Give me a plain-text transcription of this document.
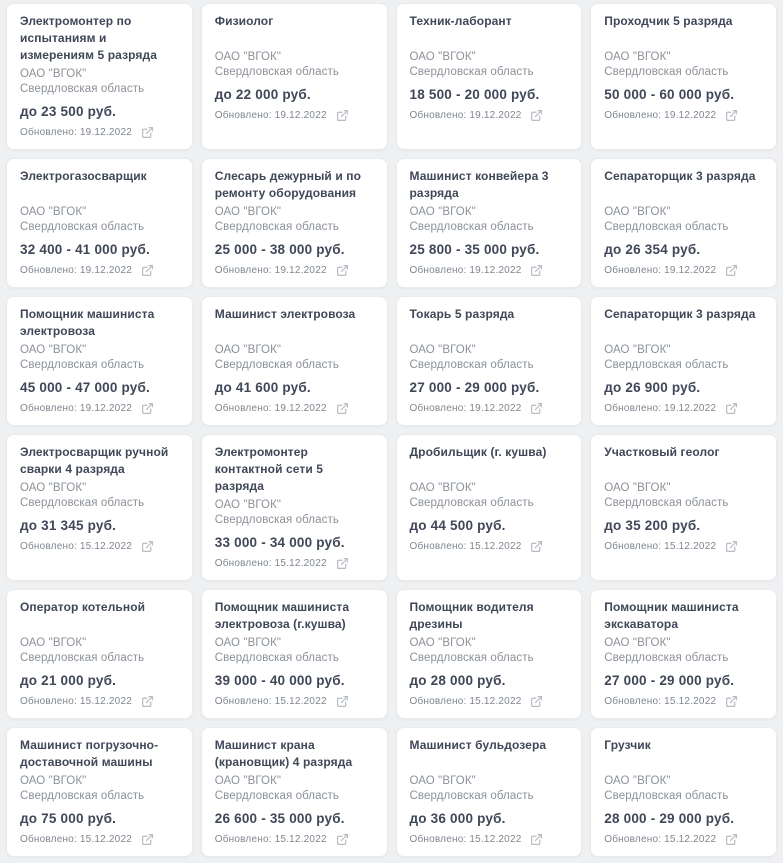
Электромонтер по испытаниям и измерениям 5 разряда
ОАО "ВГОК"
Свердловская область
до 23 500 руб.
Обновлено: 19.12.2022
Физиолог
ОАО "ВГОК"
Свердловская область
до 22 000 руб.
Обновлено: 19.12.2022
Техник-лаборант
ОАО "ВГОК"
Свердловская область
18 500 - 20 000 руб.
Обновлено: 19.12.2022
Проходчик 5 разряда
ОАО "ВГОК"
Свердловская область
50 000 - 60 000 руб.
Обновлено: 19.12.2022
Электрогазосварщик
ОАО "ВГОК"
Свердловская область
32 400 - 41 000 руб.
Обновлено: 19.12.2022
Слесарь дежурный и по ремонту оборудования
ОАО "ВГОК"
Свердловская область
25 000 - 38 000 руб.
Обновлено: 19.12.2022
Машинист конвейера 3 разряда
ОАО "ВГОК"
Свердловская область
25 800 - 35 000 руб.
Обновлено: 19.12.2022
Сепараторщик 3 разряда
ОАО "ВГОК"
Свердловская область
до 26 354 руб.
Обновлено: 19.12.2022
Помощник машиниста электровоза
ОАО "ВГОК"
Свердловская область
45 000 - 47 000 руб.
Обновлено: 19.12.2022
Машинист электровоза
ОАО "ВГОК"
Свердловская область
до 41 600 руб.
Обновлено: 19.12.2022
Токарь 5 разряда
ОАО "ВГОК"
Свердловская область
27 000 - 29 000 руб.
Обновлено: 19.12.2022
Сепараторщик 3 разряда
ОАО "ВГОК"
Свердловская область
до 26 900 руб.
Обновлено: 19.12.2022
Электросварщик ручной сварки 4 разряда
ОАО "ВГОК"
Свердловская область
до 31 345 руб.
Обновлено: 15.12.2022
Электромонтер контактной сети 5 разряда
ОАО "ВГОК"
Свердловская область
33 000 - 34 000 руб.
Обновлено: 15.12.2022
Дробильщик (г. кушва)
ОАО "ВГОК"
Свердловская область
до 44 500 руб.
Обновлено: 15.12.2022
Участковый геолог
ОАО "ВГОК"
Свердловская область
до 35 200 руб.
Обновлено: 15.12.2022
Оператор котельной
ОАО "ВГОК"
Свердловская область
до 21 000 руб.
Обновлено: 15.12.2022
Помощник машиниста электровоза (г.кушва)
ОАО "ВГОК"
Свердловская область
39 000 - 40 000 руб.
Обновлено: 15.12.2022
Помощник водителя дрезины
ОАО "ВГОК"
Свердловская область
до 28 000 руб.
Обновлено: 15.12.2022
Помощник машиниста экскаватора
ОАО "ВГОК"
Свердловская область
27 000 - 29 000 руб.
Обновлено: 15.12.2022
Машинист погрузочно-доставочной машины
ОАО "ВГОК"
Свердловская область
до 75 000 руб.
Обновлено: 15.12.2022
Машинист крана (крановщик) 4 разряда
ОАО "ВГОК"
Свердловская область
26 600 - 35 000 руб.
Обновлено: 15.12.2022
Машинист бульдозера
ОАО "ВГОК"
Свердловская область
до 36 000 руб.
Обновлено: 15.12.2022
Грузчик
ОАО "ВГОК"
Свердловская область
28 000 - 29 000 руб.
Обновлено: 15.12.2022
